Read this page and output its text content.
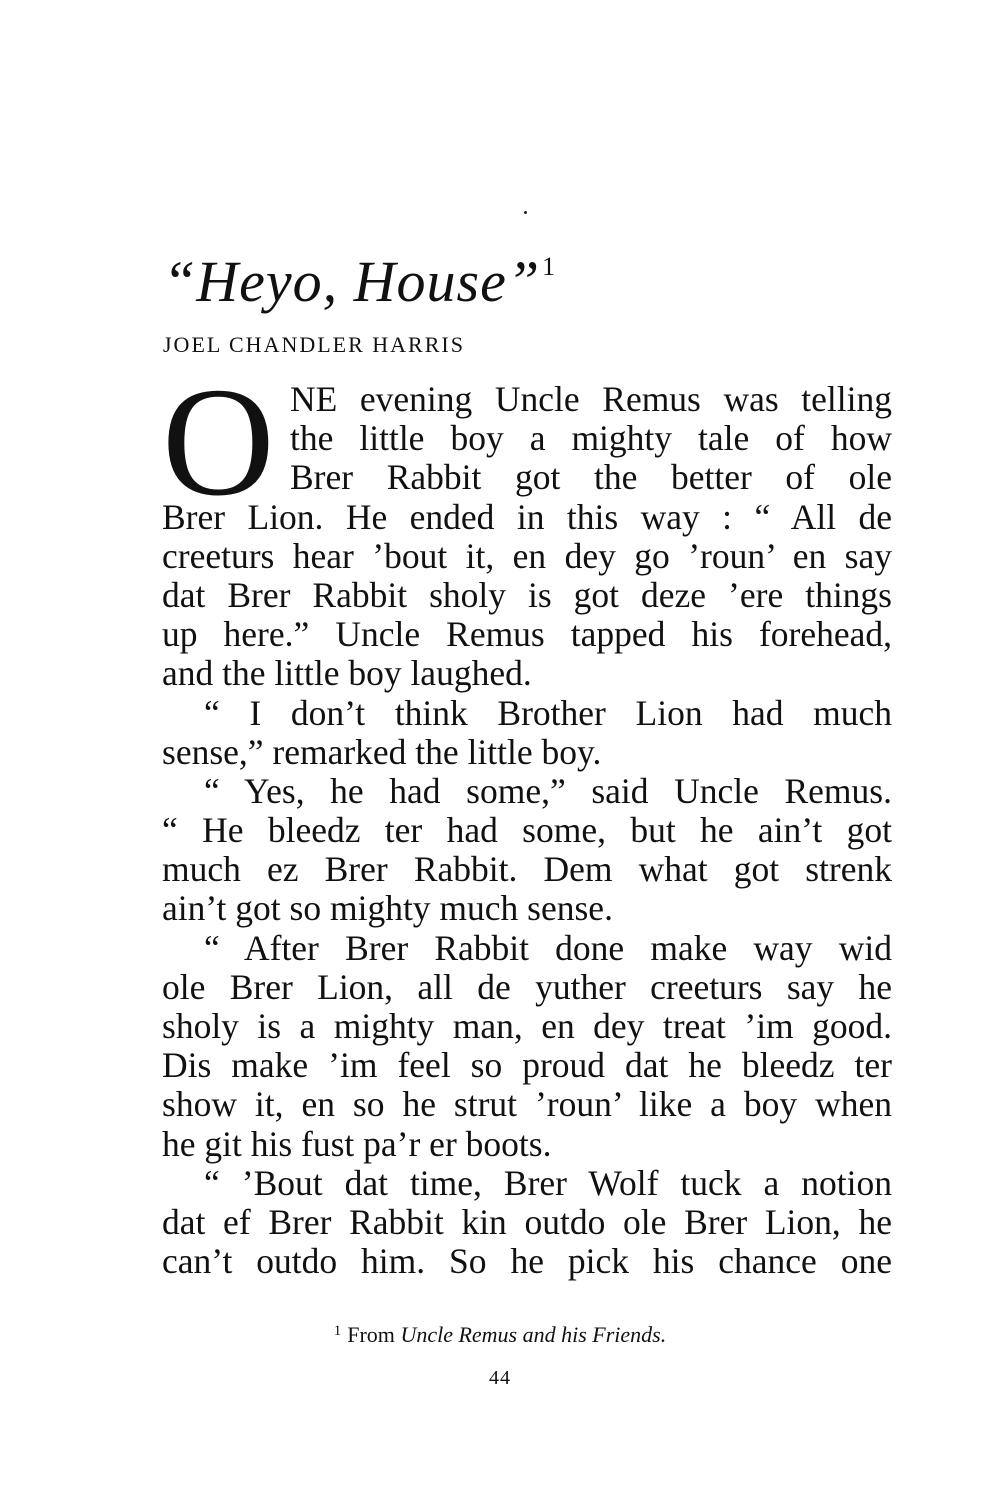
“Heyo, House”$^1$
JOEL CHANDLER HARRIS
O NE evening Uncle Remus was telling
the little boy a mighty tale of how
Brer Rabbit got the better of ole
Brer Lion. He ended in this way : “ All de
creeturs hear ’bout it, en dey go ’roun’ en say
dat Brer Rabbit sholy is got deze ’ere things
up here.” Uncle Remus tapped his forehead,
and the little boy laughed.
“ I don’t think Brother Lion had much
sense,” remarked the little boy.
“ Yes, he had some,” said Uncle Remus.
“ He bleedz ter had some, but he ain’t got
much ez Brer Rabbit. Dem what got strenk
ain’t got so mighty much sense.
“ After Brer Rabbit done make way wid
ole Brer Lion, all de yuther creeturs say he
sholy is a mighty man, en dey treat ’im good.
Dis make ’im feel so proud dat he bleedz ter
show it, en so he strut ’roun’ like a boy when
he git his fust pa’r er boots.
“ ’Bout dat time, Brer Wolf tuck a notion
dat ef Brer Rabbit kin outdo ole Brer Lion, he
can’t outdo him. So he pick his chance one
$^1$ From Uncle Remus and his Friends.
44
